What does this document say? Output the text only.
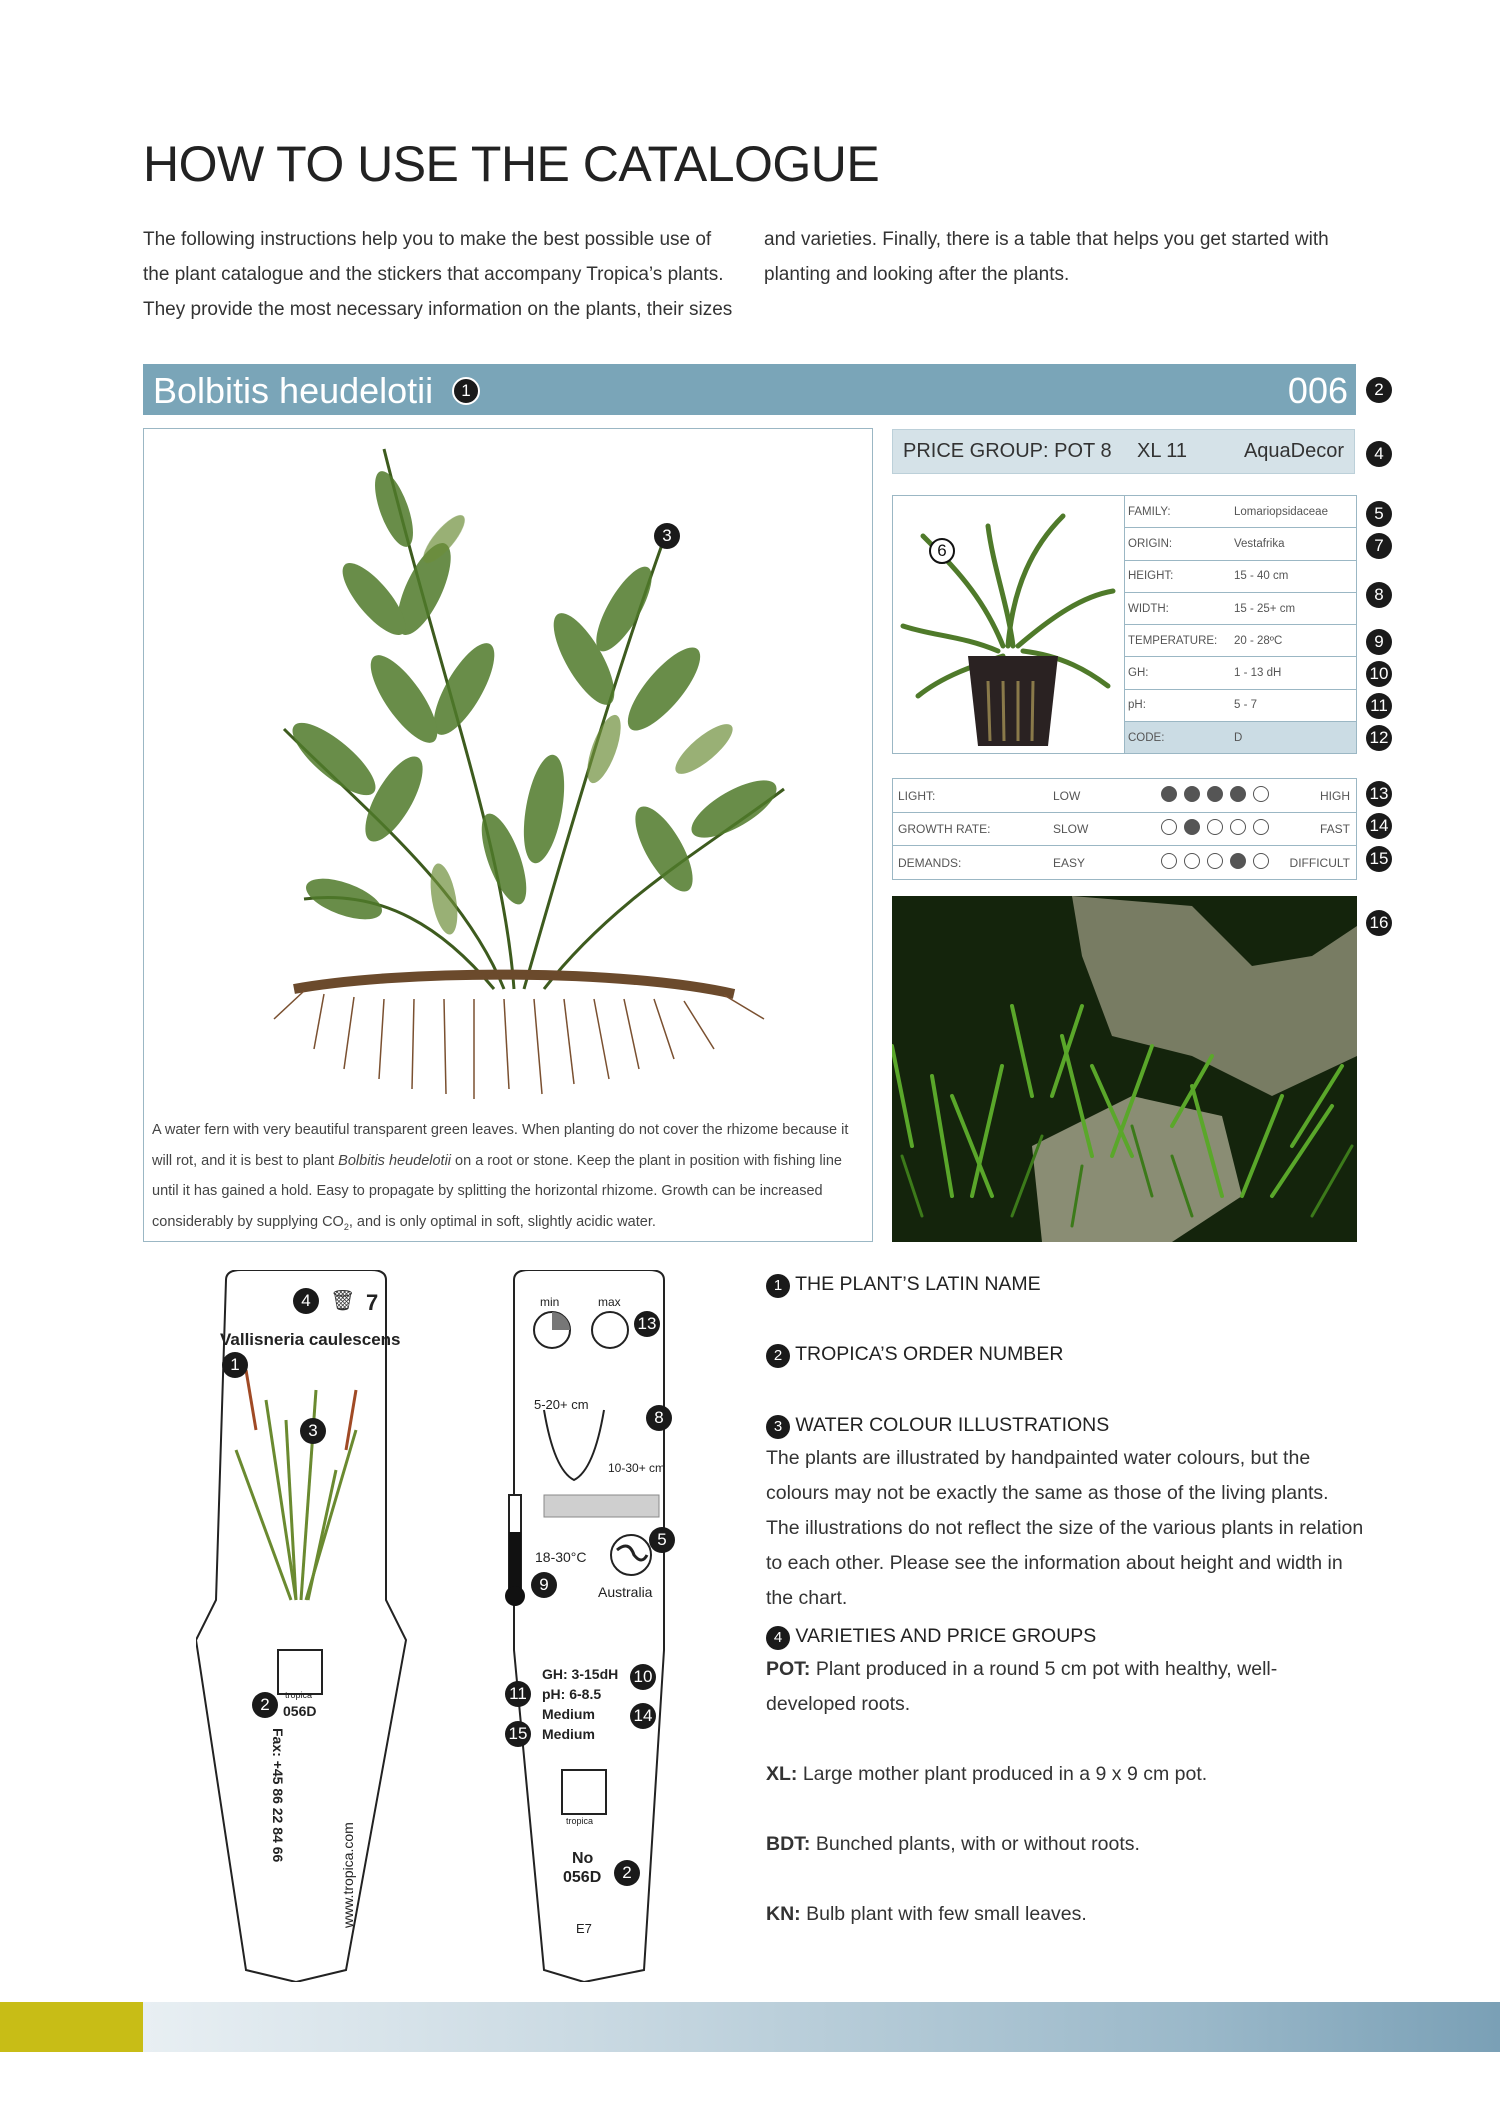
HOW TO USE THE CATALOGUE

The following instructions help you to make the best possible use of the plant catalogue and the stickers that accompany Tropica’s plants. They provide the most necessary information on the plants, their sizes

and varieties. Finally, there is a table that helps you get started with planting and looking after the plants.

Bolbitis heudelotii	1	006	2
4
5
7
8
9
10
11
12
13
14
15
16
3
A water fern with very beautiful transparent green leaves. When planting do not cover the rhizome because it will rot, and it is best to plant Bolbitis heudelotii on a root or stone. Keep the plant in position with fishing line until it has gained a hold. Easy to propagate by splitting the horizontal rhizome. Growth can be increased considerably by supplying $CO_2$, and is only optimal in soft, slightly acidic water.
PRICE GROUP: POT 8 XL 11	AquaDecor
6
FAMILY:	Lomariopsidaceae
ORIGIN:	Vestafrika
HEIGHT:	15 - 40 cm
WIDTH:	15 - 25+ cm
TEMPERATURE:	20 - 28ºC
GH:	1 - 13 dH
pH:	5 - 7
CODE:	D
LIGHT:	LOW	HIGH
GROWTH RATE:	SLOW	FAST
DEMANDS:	EASY	DIFFICULT
4 🗑 7
Vallisneria caulescens
1
3
tropica
2 056D
Fax: +45 86 22 84 66
www.tropica.com
min	max
13
5-20+ cm
8
10-30+ cm
18-30°C
5
9	Australia
GH: 3-15dH 10
11 pH: 6-8.5
Medium 14
15 Medium
tropica
No
056D	2
E7
1 THE PLANT’S LATIN NAME
2 TROPICA’S ORDER NUMBER
3 WATER COLOUR ILLUSTRATIONS

The plants are illustrated by handpainted water colours, but the colours may not be exactly the same as those of the living plants. The illustrations do not reflect the size of the various plants in relation to each other. Please see the information about height and width in the chart.

4 VARIETIES AND PRICE GROUPS

POT: Plant produced in a round 5 cm pot with healthy, well-developed roots.

XL: Large mother plant produced in a 9 x 9 cm pot.

BDT: Bunched plants, with or without roots.

KN: Bulb plant with few small leaves.
